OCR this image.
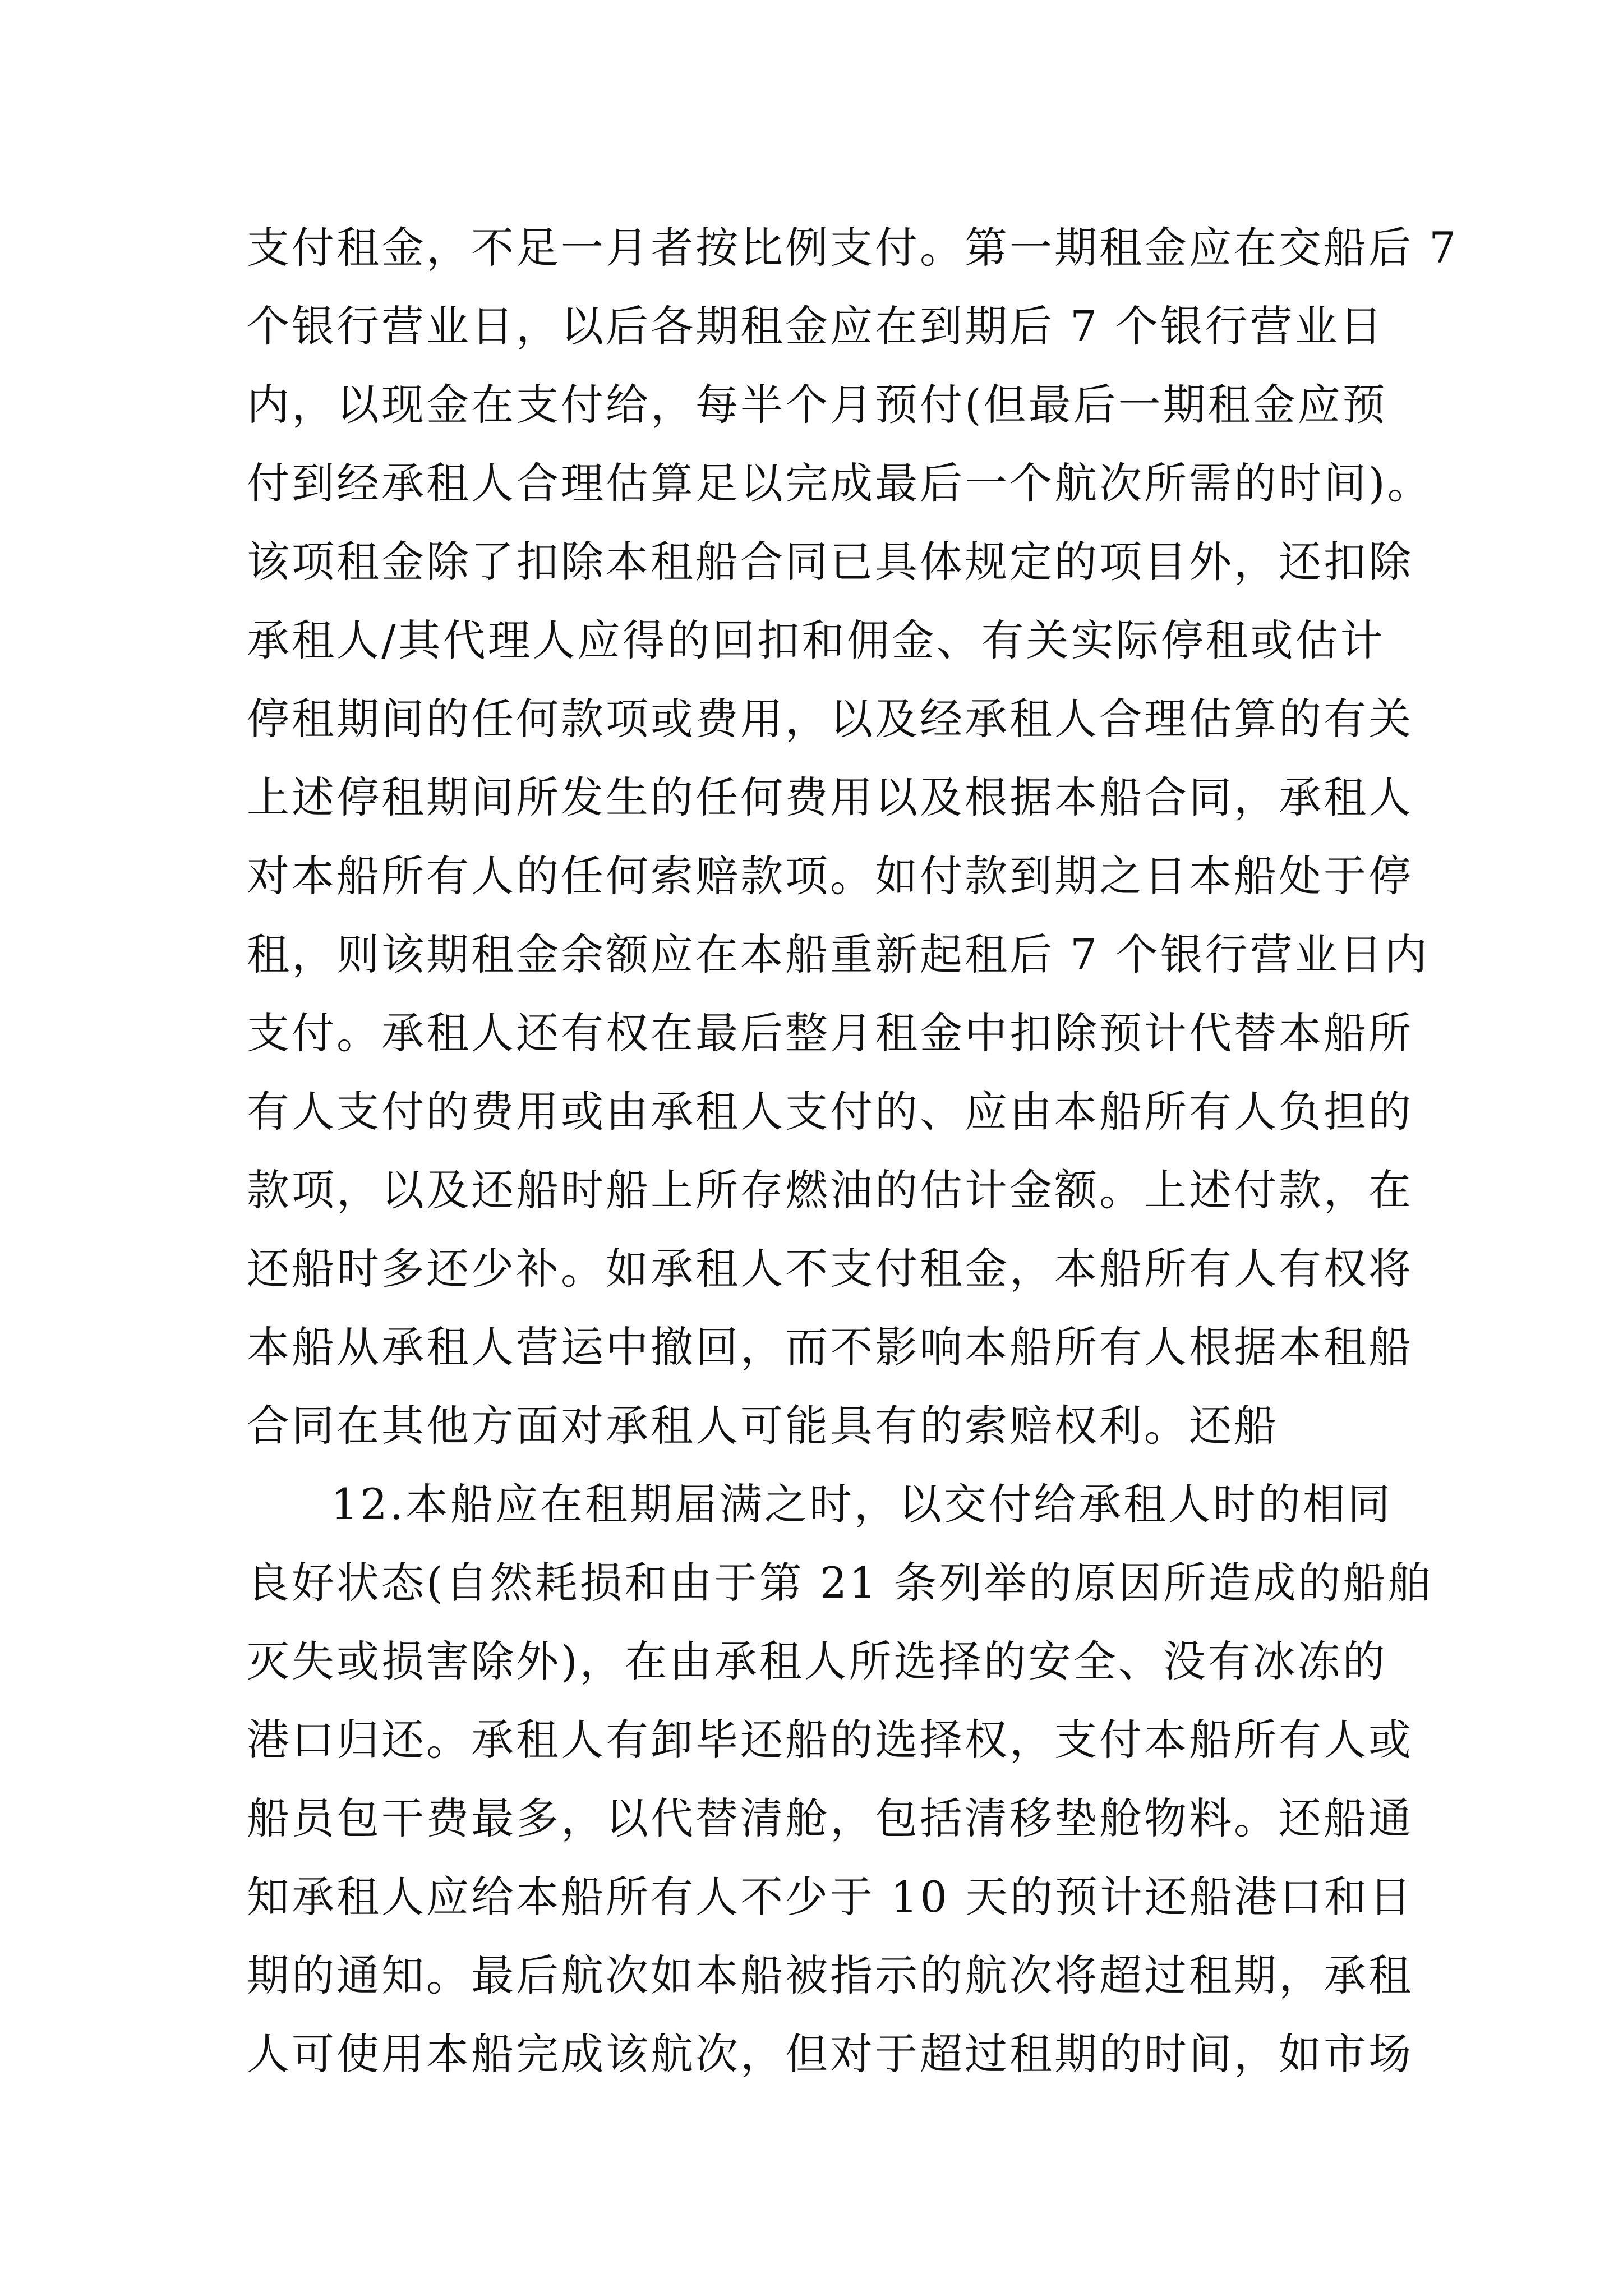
支付租金，不足一月者按比例支付。第一期租金应在交船后 7
个银行营业日，以后各期租金应在到期后 7 个银行营业日
内，以现金在支付给，每半个月预付(但最后一期租金应预
付到经承租人合理估算足以完成最后一个航次所需的时间)。
该项租金除了扣除本租船合同已具体规定的项目外，还扣除
承租人/其代理人应得的回扣和佣金、有关实际停租或估计
停租期间的任何款项或费用，以及经承租人合理估算的有关
上述停租期间所发生的任何费用以及根据本船合同，承租人
对本船所有人的任何索赔款项。如付款到期之日本船处于停
租，则该期租金余额应在本船重新起租后 7 个银行营业日内
支付。承租人还有权在最后整月租金中扣除预计代替本船所
有人支付的费用或由承租人支付的、应由本船所有人负担的
款项，以及还船时船上所存燃油的估计金额。上述付款，在
还船时多还少补。如承租人不支付租金，本船所有人有权将
本船从承租人营运中撤回，而不影响本船所有人根据本租船
合同在其他方面对承租人可能具有的索赔权利。还船
12.本船应在租期届满之时，以交付给承租人时的相同
良好状态(自然耗损和由于第 21 条列举的原因所造成的船舶
灭失或损害除外)，在由承租人所选择的安全、没有冰冻的
港口归还。承租人有卸毕还船的选择权，支付本船所有人或
船员包干费最多，以代替清舱，包括清移垫舱物料。还船通
知承租人应给本船所有人不少于 10 天的预计还船港口和日
期的通知。最后航次如本船被指示的航次将超过租期，承租
人可使用本船完成该航次，但对于超过租期的时间，如市场
